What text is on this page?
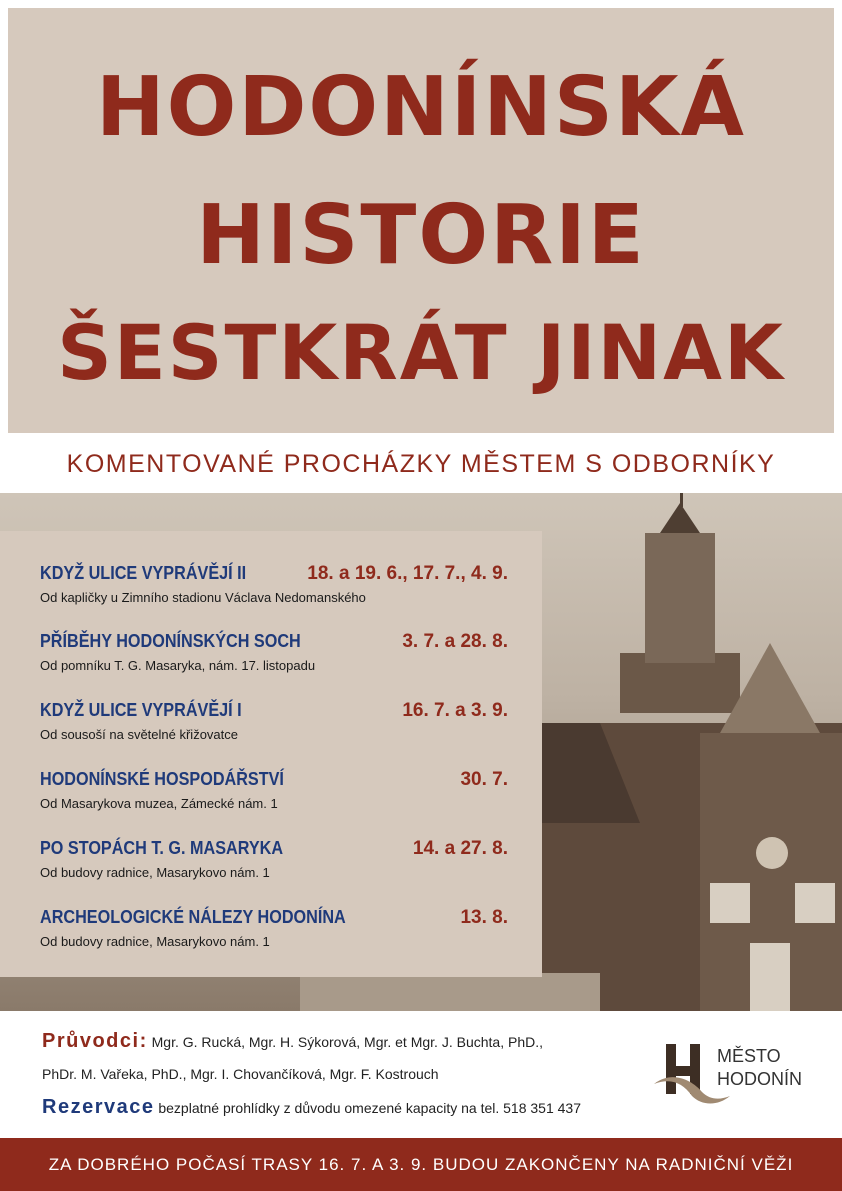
HODONÍNSKÁ
HISTORIE
ŠESTKRÁT JINAK
KOMENTOVANÉ PROCHÁZKY MĚSTEM S ODBORNÍKY
KDYŽ ULICE VYPRÁVĚJÍ II	18. a 19. 6., 17. 7., 4. 9.
Od kapličky u Zimního stadionu Václava Nedomanského
PŘÍBĚHY HODONÍNSKÝCH SOCH	3. 7. a 28. 8.
Od pomníku T. G. Masaryka, nám. 17. listopadu
KDYŽ ULICE VYPRÁVĚJÍ I	16. 7. a 3. 9.
Od sousoší na světelné křižovatce
HODONÍNSKÉ HOSPODÁŘSTVÍ	30. 7.
Od Masarykova muzea, Zámecké nám. 1
PO STOPÁCH T. G. MASARYKA	14. a 27. 8.
Od budovy radnice, Masarykovo nám. 1
ARCHEOLOGICKÉ NÁLEZY HODONÍNA	13. 8.
Od budovy radnice, Masarykovo nám. 1
Průvodci: Mgr. G. Rucká, Mgr. H. Sýkorová, Mgr. et Mgr. J. Buchta, PhD.,
PhDr. M. Vařeka, PhD., Mgr. I. Chovančíková, Mgr. F. Kostrouch
Rezervace bezplatné prohlídky z důvodu omezené kapacity na tel. 518 351 437
MĚSTO
HODONÍN
ZA DOBRÉHO POČASÍ TRASY 16. 7. A 3. 9. BUDOU ZAKONČENY NA RADNIČNÍ VĚŽI
